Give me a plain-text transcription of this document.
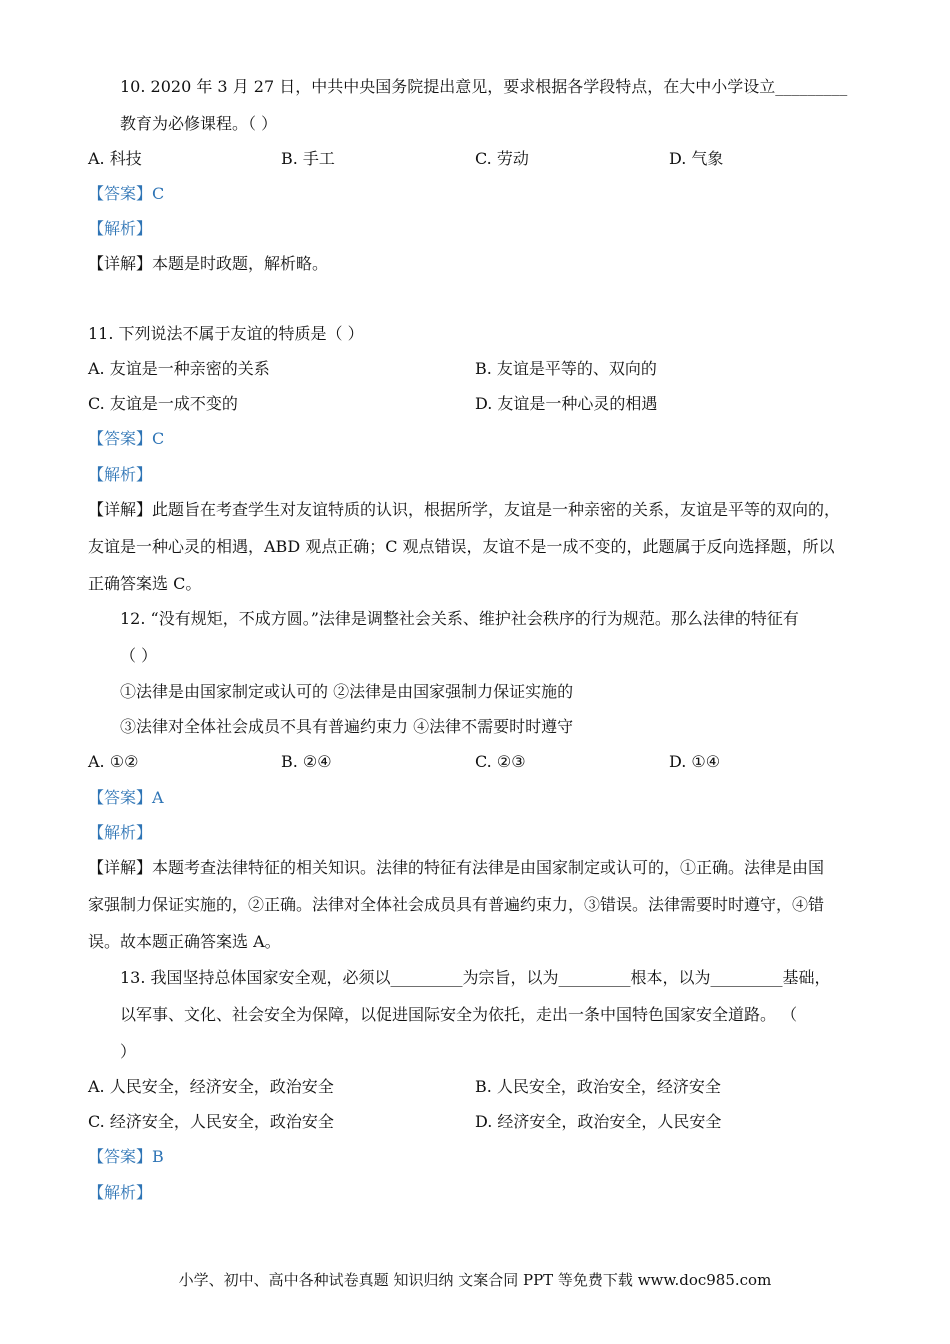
10. 2020 年 3 月 27 日，中共中央国务院提出意见，要求根据各学段特点，在大中小学设立_________
教育为必修课程。（ ）
A. 科技	B. 手工	C. 劳动	D. 气象
【答案】C
【解析】
【详解】本题是时政题，解析略。
11. 下列说法不属于友谊的特质是（ ）
A. 友谊是一种亲密的关系	B. 友谊是平等的、双向的
C. 友谊是一成不变的	D. 友谊是一种心灵的相遇
【答案】C
【解析】
【详解】此题旨在考查学生对友谊特质的认识，根据所学，友谊是一种亲密的关系，友谊是平等的双向的，
友谊是一种心灵的相遇，ABD 观点正确；C 观点错误，友谊不是一成不变的，此题属于反向选择题，所以
正确答案选 C。
12. “没有规矩，不成方圆。”法律是调整社会关系、维护社会秩序的行为规范。那么法律的特征有
（ ）
①法律是由国家制定或认可的 ②法律是由国家强制力保证实施的
③法律对全体社会成员不具有普遍约束力 ④法律不需要时时遵守
A. ①②	B. ②④	C. ②③	D. ①④
【答案】A
【解析】
【详解】本题考查法律特征的相关知识。法律的特征有法律是由国家制定或认可的，①正确。法律是由国
家强制力保证实施的，②正确。法律对全体社会成员具有普遍约束力，③错误。法律需要时时遵守，④错
误。故本题正确答案选 A。
13. 我国坚持总体国家安全观，必须以_________为宗旨，以为_________根本，以为_________基础，
以军事、文化、社会安全为保障，以促进国际安全为依托，走出一条中国特色国家安全道路。 （
）
A. 人民安全，经济安全，政治安全	B. 人民安全，政治安全，经济安全
C. 经济安全，人民安全，政治安全	D. 经济安全，政治安全，人民安全
【答案】B
【解析】
小学、初中、高中各种试卷真题 知识归纳 文案合同 PPT 等免费下载 www.doc985.com
